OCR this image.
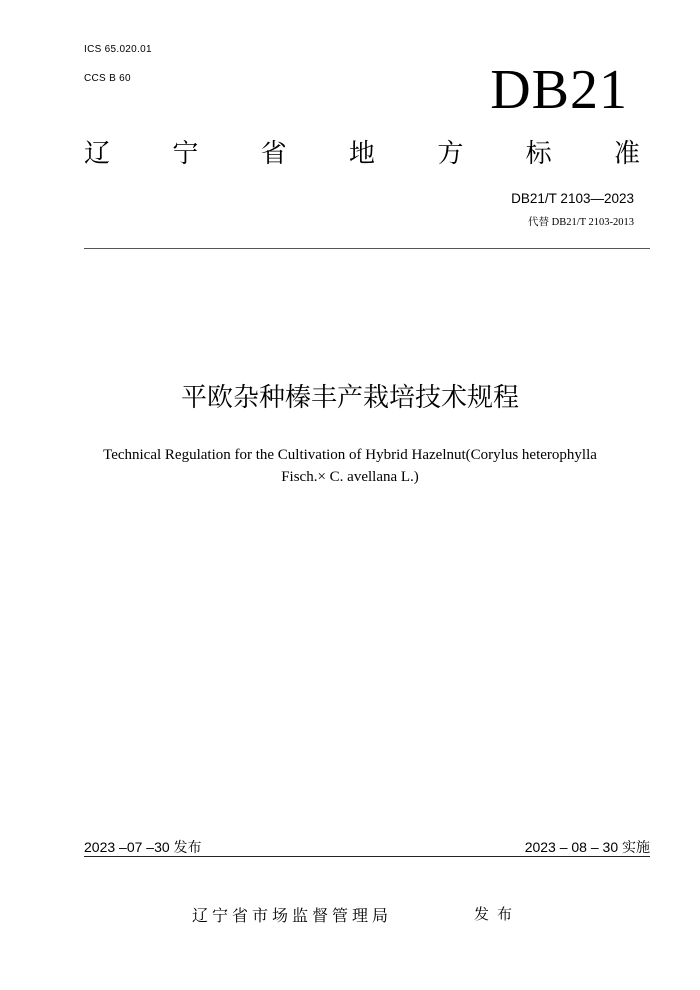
ICS 65.020.01
CCS B 60	DB21
辽 宁 省 地 方 标 准
DB21/T 2103—2023
代替 DB21/T 2103-2013
平欧杂种榛丰产栽培技术规程
Technical Regulation for the Cultivation of Hybrid Hazelnut(Corylus heterophylla
Fisch.× C. avellana L.)
2023 –07 –30 发布	2023 – 08 – 30 实施
辽宁省市场监督管理局	发布
